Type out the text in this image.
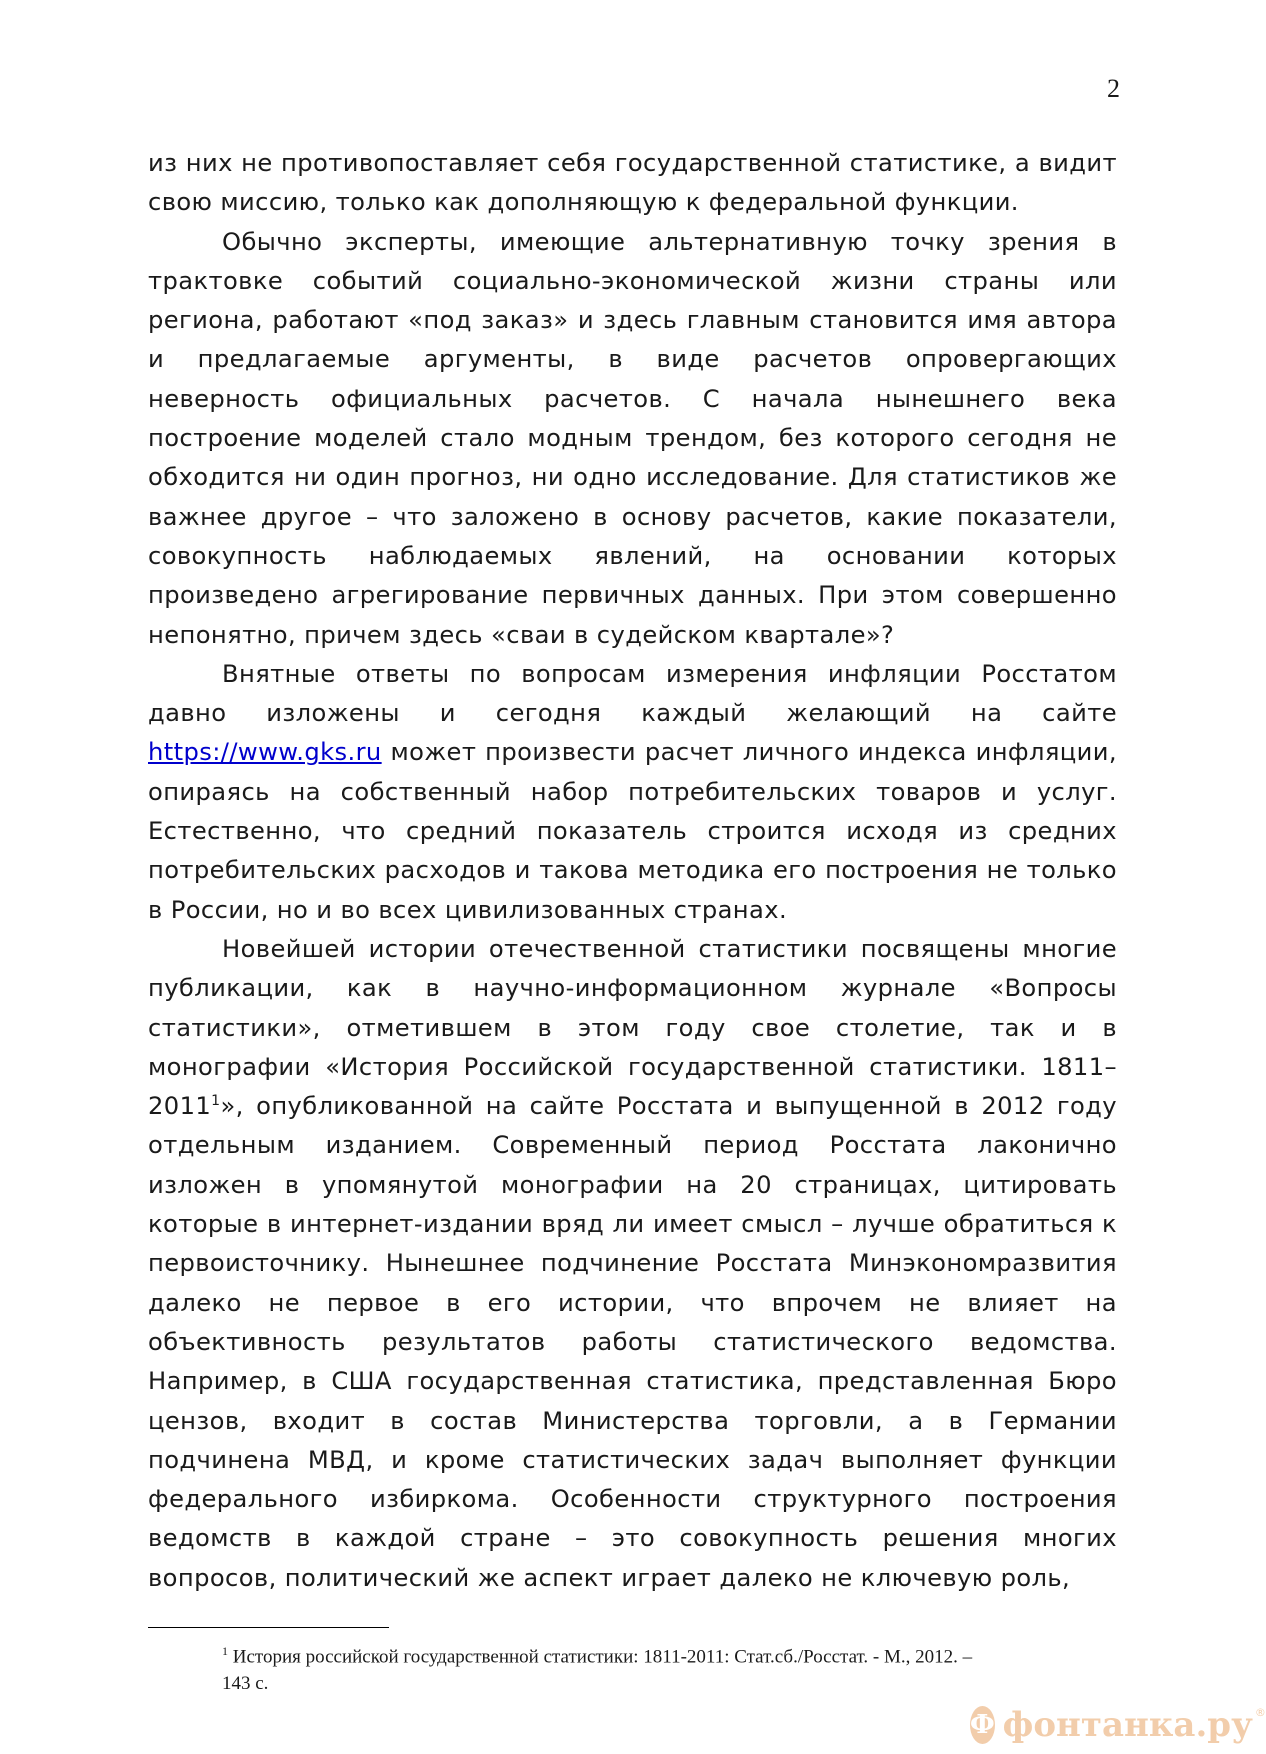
2

из них не противопоставляет себя государственной статистике, а видит свою миссию, только как дополняющую к федеральной функции.

Обычно эксперты, имеющие альтернативную точку зрения в трактовке событий социально-экономической жизни страны или региона, работают «под заказ» и здесь главным становится имя автора и предлагаемые аргументы, в виде расчетов опровергающих неверность официальных расчетов. С начала нынешнего века построение моделей стало модным трендом, без которого сегодня не обходится ни один прогноз, ни одно исследование. Для статистиков же важнее другое – что заложено в основу расчетов, какие показатели, совокупность наблюдаемых явлений, на основании которых произведено агрегирование первичных данных. При этом совершенно непонятно, причем здесь «сваи в судейском квартале»?

Внятные ответы по вопросам измерения инфляции Росстатом давно изложены и сегодня каждый желающий на сайте https://www.gks.ru может произвести расчет личного индекса инфляции, опираясь на собственный набор потребительских товаров и услуг. Естественно, что средний показатель строится исходя из средних потребительских расходов и такова методика его построения не только в России, но и во всех цивилизованных странах.

Новейшей истории отечественной статистики посвящены многие публикации, как в научно-информационном журнале «Вопросы статистики», отметившем в этом году свое столетие, так и в монографии «История Российской государственной статистики. 1811–2011$^1$», опубликованной на сайте Росстата и выпущенной в 2012 году отдельным изданием. Современный период Росстата лаконично изложен в упомянутой монографии на 20 страницах, цитировать которые в интернет-издании вряд ли имеет смысл – лучше обратиться к первоисточнику. Нынешнее подчинение Росстата Минэкономразвития далеко не первое в его истории, что впрочем не влияет на объективность результатов работы статистического ведомства. Например, в США государственная статистика, представленная Бюро цензов, входит в состав Министерства торговли, а в Германии подчинена МВД, и кроме статистических задач выполняет функции федерального избиркома. Особенности структурного построения ведомств в каждой стране – это совокупность решения многих вопросов, политический же аспект играет далеко не ключевую роль,

$^1$ История российской государственной статистики: 1811-2011: Стат.сб./Росстат. - М., 2012. – 143 с.
Ф фонтанка.ру ®
